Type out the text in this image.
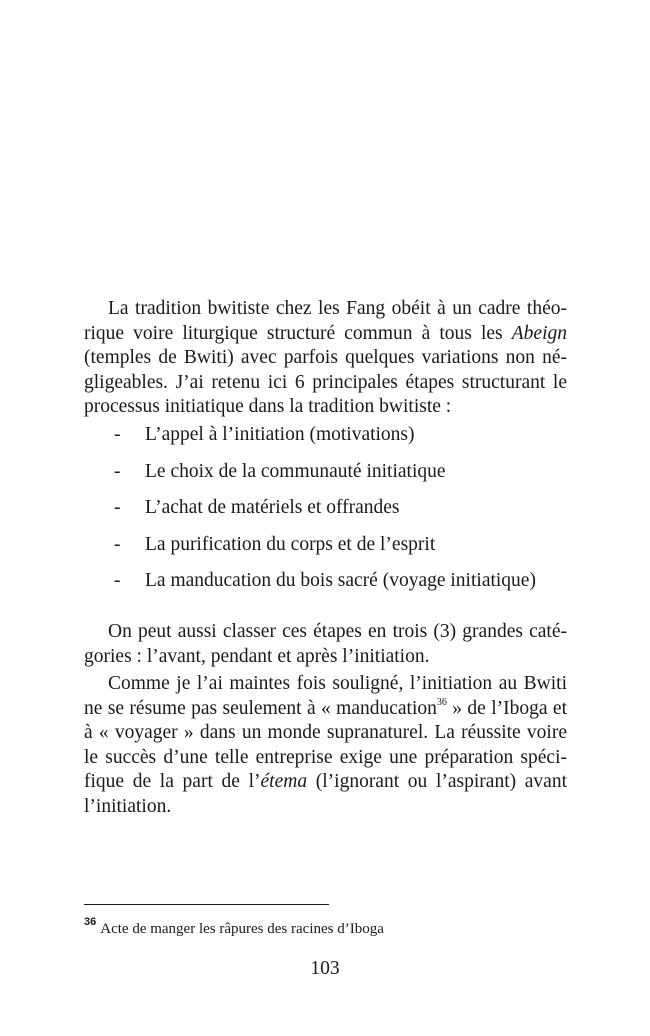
La tradition bwitiste chez les Fang obéit à un cadre théo- rique voire liturgique structuré commun à tous les Abeign (temples de Bwiti) avec parfois quelques variations non né- gligeables. J’ai retenu ici 6 principales étapes structurant le processus initiatique dans la tradition bwitiste :

- L’appel à l’initiation (motivations)
- Le choix de la communauté initiatique
- L’achat de matériels et offrandes
- La purification du corps et de l’esprit
- La manducation du bois sacré (voyage initiatique)

On peut aussi classer ces étapes en trois (3) grandes caté- gories : l’avant, pendant et après l’initiation.

Comme je l’ai maintes fois souligné, l’initiation au Bwiti ne se résume pas seulement à « manducation$^{36}$ » de l’Iboga et à « voyager » dans un monde supranaturel. La réussite voire le succès d’une telle entreprise exige une préparation spéci- fique de la part de l’étema (l’ignorant ou l’aspirant) avant l’initiation.

$^{36}$ Acte de manger les râpures des racines d’Iboga
103
